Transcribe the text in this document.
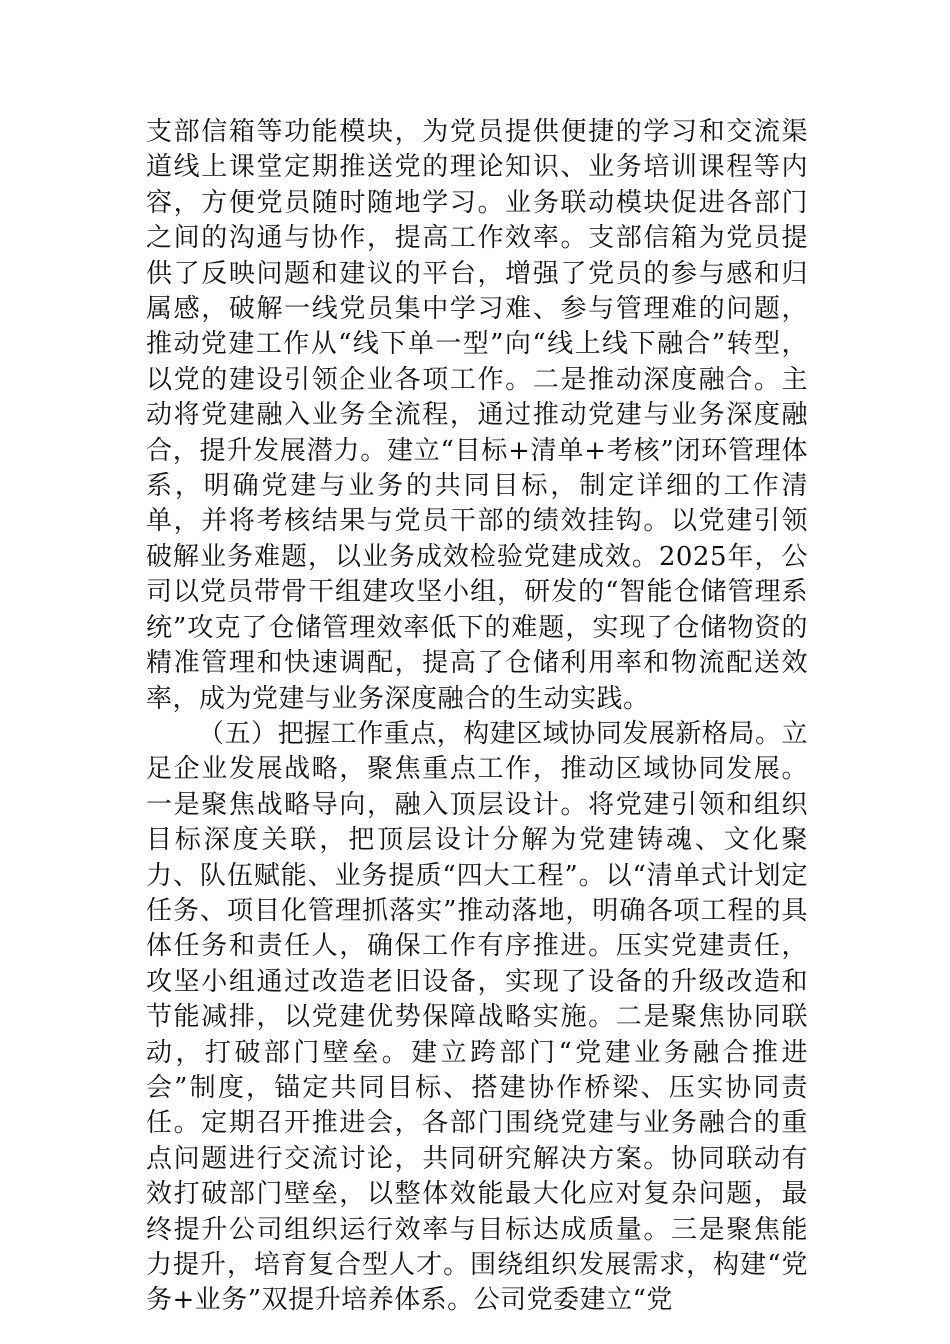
支部信箱等功能模块，为党员提供便捷的学习和交流渠道线上课堂定期推送党的理论知识、业务培训课程等内容，方便党员随时随地学习。业务联动模块促进各部门之间的沟通与协作，提高工作效率。支部信箱为党员提供了反映问题和建议的平台，增强了党员的参与感和归属感，破解一线党员集中学习难、参与管理难的问题，推动党建工作从“线下单一型”向“线上线下融合”转型，以党的建设引领企业各项工作。二是推动深度融合。主动将党建融入业务全流程，通过推动党建与业务深度融合，提升发展潜力。建立“目标+清单+考核”闭环管理体系，明确党建与业务的共同目标，制定详细的工作清单，并将考核结果与党员干部的绩效挂钩。以党建引领破解业务难题，以业务成效检验党建成效。2025年，公司以党员带骨干组建攻坚小组，研发的“智能仓储管理系统”攻克了仓储管理效率低下的难题，实现了仓储物资的精准管理和快速调配，提高了仓储利用率和物流配送效率，成为党建与业务深度融合的生动实践。

（五）把握工作重点，构建区域协同发展新格局。立足企业发展战略，聚焦重点工作，推动区域协同发展。一是聚焦战略导向，融入顶层设计。将党建引领和组织目标深度关联，把顶层设计分解为党建铸魂、文化聚力、队伍赋能、业务提质“四大工程”。以“清单式计划定任务、项目化管理抓落实”推动落地，明确各项工程的具体任务和责任人，确保工作有序推进。压实党建责任，攻坚小组通过改造老旧设备，实现了设备的升级改造和节能减排，以党建优势保障战略实施。二是聚焦协同联动，打破部门壁垒。建立跨部门“党建业务融合推进会”制度，锚定共同目标、搭建协作桥梁、压实协同责任。定期召开推进会，各部门围绕党建与业务融合的重点问题进行交流讨论，共同研究解决方案。协同联动有效打破部门壁垒，以整体效能最大化应对复杂问题，最终提升公司组织运行效率与目标达成质量。三是聚焦能力提升，培育复合型人才。围绕组织发展需求，构建“党务+业务”双提升培养体系。公司党委建立“党
